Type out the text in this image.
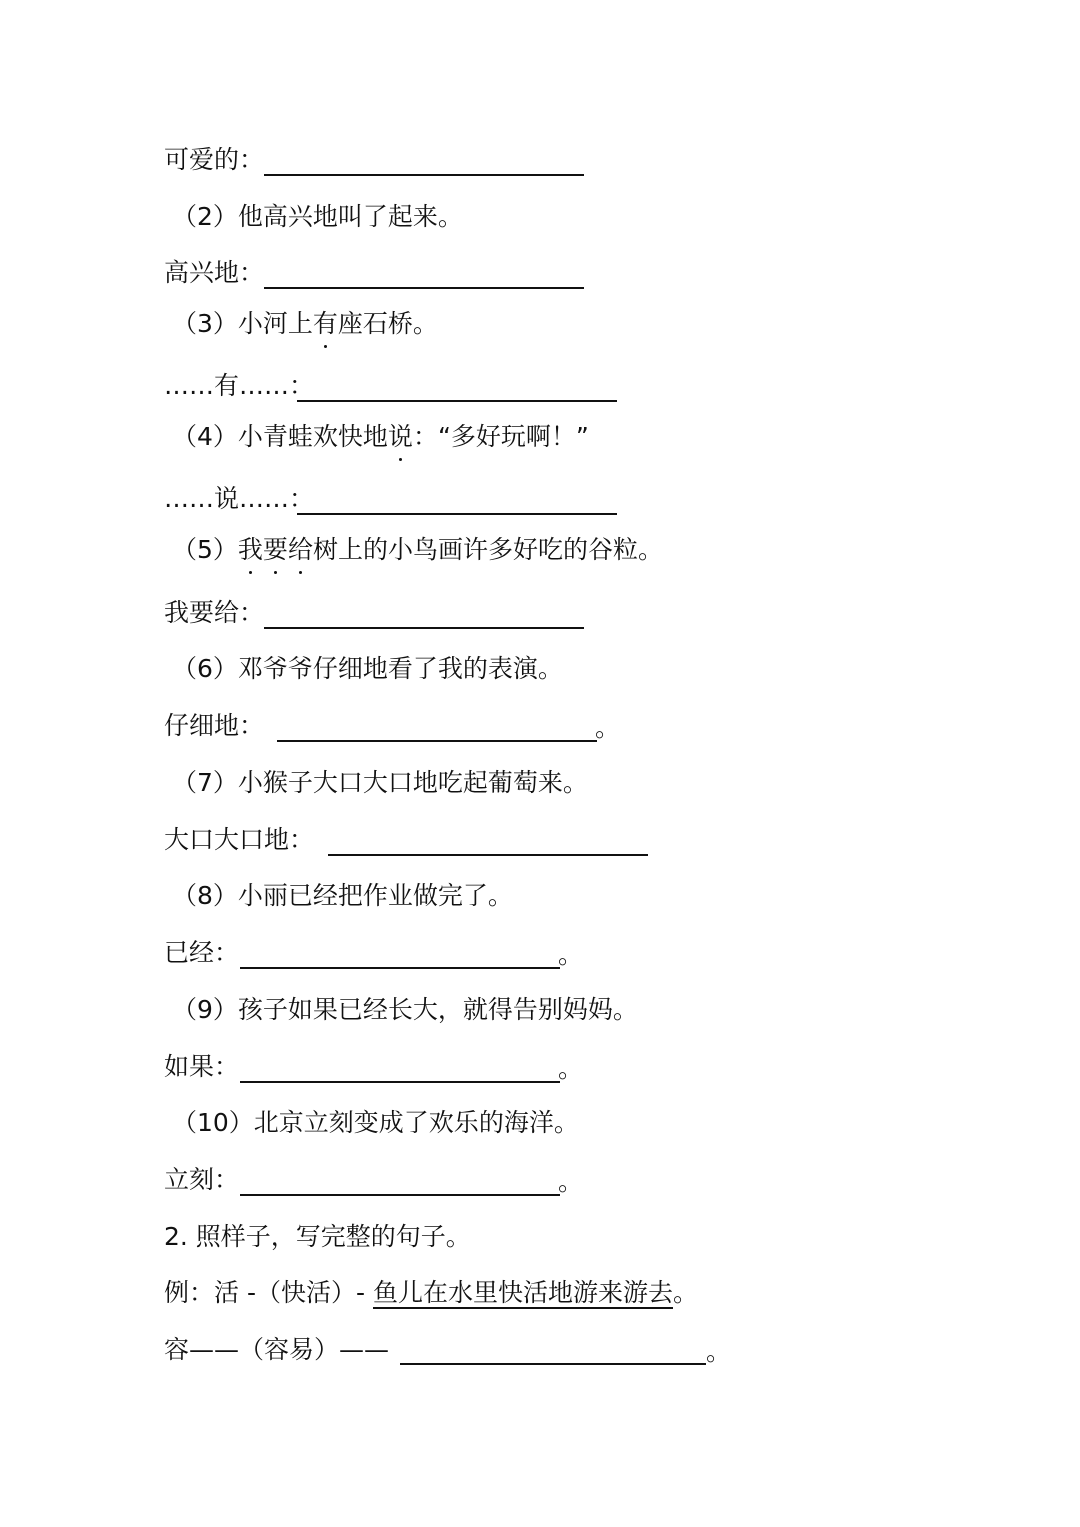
可爱的：
（2）他高兴地叫了起来。
高兴地：
（3）小河上有座石桥。
……有……：
（4）小青蛙欢快地说：“多好玩啊！”
……说……：
（5）我要给树上的小鸟画许多好吃的谷粒。
我要给：
（6）邓爷爷仔细地看了我的表演。
仔细地：	。
（7）小猴子大口大口地吃起葡萄来。
大口大口地：
（8）小丽已经把作业做完了。
已经：	。
（9）孩子如果已经长大，就得告别妈妈。
如果：	。
（10）北京立刻变成了欢乐的海洋。
立刻：	。
2. 照样子，写完整的句子。
例：活 -（快活）- 鱼儿在水里快活地游来游去。
容——（容易）——	。
